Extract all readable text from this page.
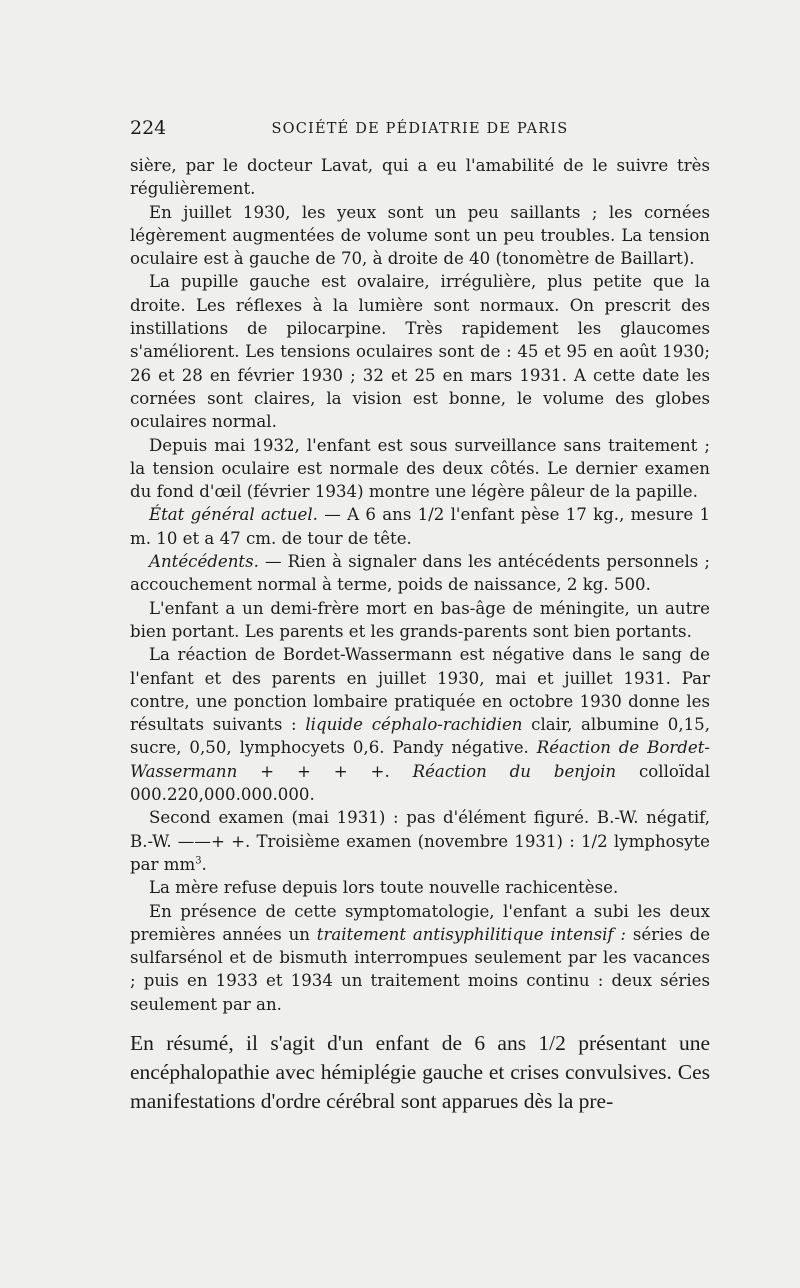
224	SOCIÉTÉ DE PÉDIATRIE DE PARIS

sière, par le docteur Lavat, qui a eu l'amabilité de le suivre très régulièrement.

En juillet 1930, les yeux sont un peu saillants ; les cornées légèrement augmentées de volume sont un peu troubles. La tension oculaire est à gauche de 70, à droite de 40 (tonomètre de Baillart).

La pupille gauche est ovalaire, irrégulière, plus petite que la droite. Les réflexes à la lumière sont normaux. On prescrit des instillations de pilocarpine. Très rapidement les glaucomes s'améliorent. Les tensions oculaires sont de : 45 et 95 en août 1930; 26 et 28 en février 1930 ; 32 et 25 en mars 1931. A cette date les cornées sont claires, la vision est bonne, le volume des globes oculaires normal.

Depuis mai 1932, l'enfant est sous surveillance sans traitement ; la tension oculaire est normale des deux côtés. Le dernier examen du fond d'œil (février 1934) montre une légère pâleur de la papille.

État général actuel. — A 6 ans 1/2 l'enfant pèse 17 kg., mesure 1 m. 10 et a 47 cm. de tour de tête.

Antécédents. — Rien à signaler dans les antécédents personnels ; accouchement normal à terme, poids de naissance, 2 kg. 500.

L'enfant a un demi-frère mort en bas-âge de méningite, un autre bien portant. Les parents et les grands-parents sont bien portants.

La réaction de Bordet-Wassermann est négative dans le sang de l'enfant et des parents en juillet 1930, mai et juillet 1931. Par contre, une ponction lombaire pratiquée en octobre 1930 donne les résultats suivants : liquide céphalo-rachidien clair, albumine 0,15, sucre, 0,50, lymphocyets 0,6. Pandy négative. Réaction de Bordet-Wassermann + + + +. Réaction du benjoin colloïdal 000.220,000.000.000.

Second examen (mai 1931) : pas d'élément figuré. B.-W. négatif, B.-W. ——+ +. Troisième examen (novembre 1931) : 1/2 lymphosyte par $mm^3$.

La mère refuse depuis lors toute nouvelle rachicentèse.

En présence de cette symptomatologie, l'enfant a subi les deux premières années un traitement antisyphilitique intensif : séries de sulfarsénol et de bismuth interrompues seulement par les vacances ; puis en 1933 et 1934 un traitement moins continu : deux séries seulement par an.

En résumé, il s'agit d'un enfant de 6 ans 1/2 présentant une encéphalopathie avec hémiplégie gauche et crises convulsives. Ces manifestations d'ordre cérébral sont apparues dès la pre-
